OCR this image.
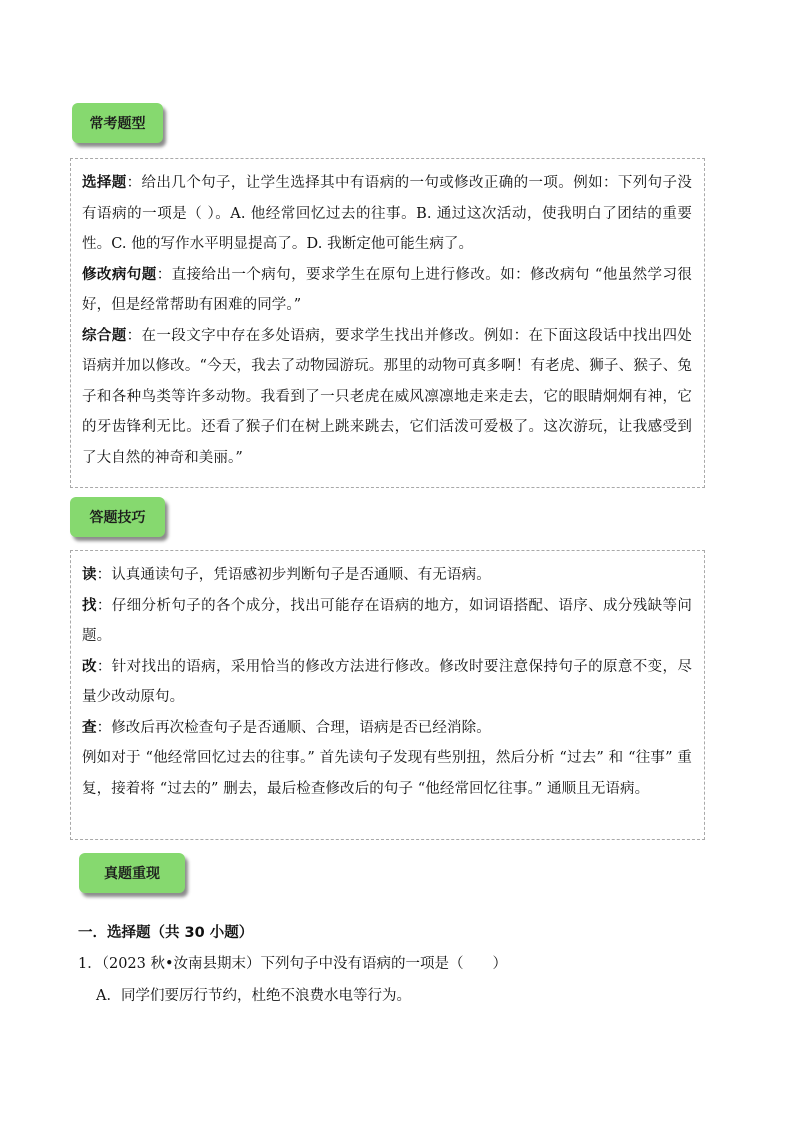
常考题型

选择题：给出几个句子，让学生选择其中有语病的一句或修改正确的一项。例如：下列句子没有语病的一项是（ ）。A. 他经常回忆过去的往事。B. 通过这次活动，使我明白了团结的重要性。C. 他的写作水平明显提高了。D. 我断定他可能生病了。

修改病句题：直接给出一个病句，要求学生在原句上进行修改。如：修改病句 “他虽然学习很好，但是经常帮助有困难的同学。”

综合题：在一段文字中存在多处语病，要求学生找出并修改。例如：在下面这段话中找出四处语病并加以修改。“今天，我去了动物园游玩。那里的动物可真多啊！有老虎、狮子、猴子、兔子和各种鸟类等许多动物。我看到了一只老虎在威风凛凛地走来走去，它的眼睛炯炯有神，它的牙齿锋利无比。还看了猴子们在树上跳来跳去，它们活泼可爱极了。这次游玩，让我感受到了大自然的神奇和美丽。”

答题技巧

读：认真通读句子，凭语感初步判断句子是否通顺、有无语病。

找：仔细分析句子的各个成分，找出可能存在语病的地方，如词语搭配、语序、成分残缺等问题。

改：针对找出的语病，采用恰当的修改方法进行修改。修改时要注意保持句子的原意不变，尽量少改动原句。

查：修改后再次检查句子是否通顺、合理，语病是否已经消除。

例如对于 “他经常回忆过去的往事。” 首先读句子发现有些别扭，然后分析 “过去” 和 “往事” 重复，接着将 “过去的” 删去，最后检查修改后的句子 “他经常回忆往事。” 通顺且无语病。

真题重现
一．选择题（共 30 小题）
1．（2023 秋•汝南县期末）下列句子中没有语病的一项是（　　）
A．同学们要厉行节约，杜绝不浪费水电等行为。
